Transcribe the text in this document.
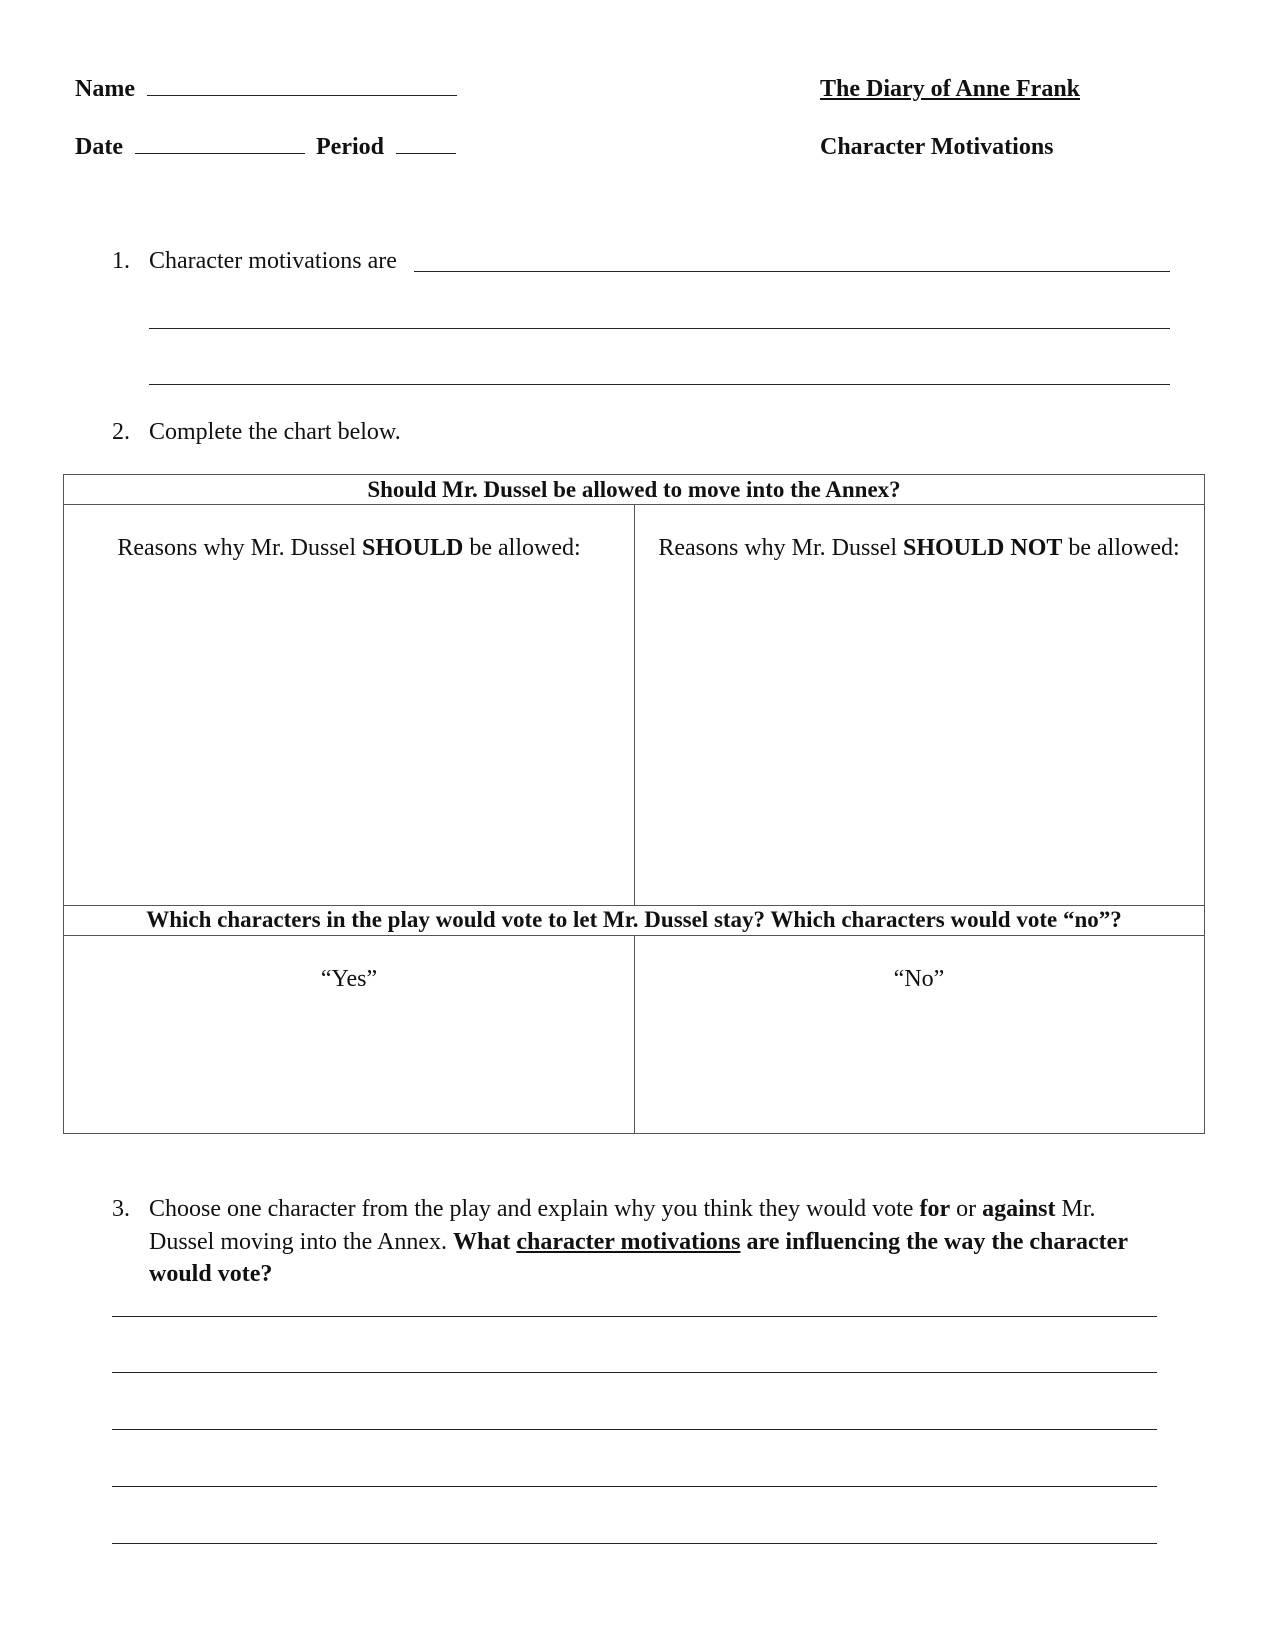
Name	The Diary of Anne Frank
Date	Period	Character Motivations
1. Character motivations are
2. Complete the chart below.
Should Mr. Dussel be allowed to move into the Annex?
Reasons why Mr. Dussel SHOULD be allowed:	Reasons why Mr. Dussel SHOULD NOT be allowed:
Which characters in the play would vote to let Mr. Dussel stay? Which characters would vote “no”?
“Yes”	“No”
3. Choose one character from the play and explain why you think they would vote for or against Mr.
Dussel moving into the Annex. What character motivations are influencing the way the character
would vote?
